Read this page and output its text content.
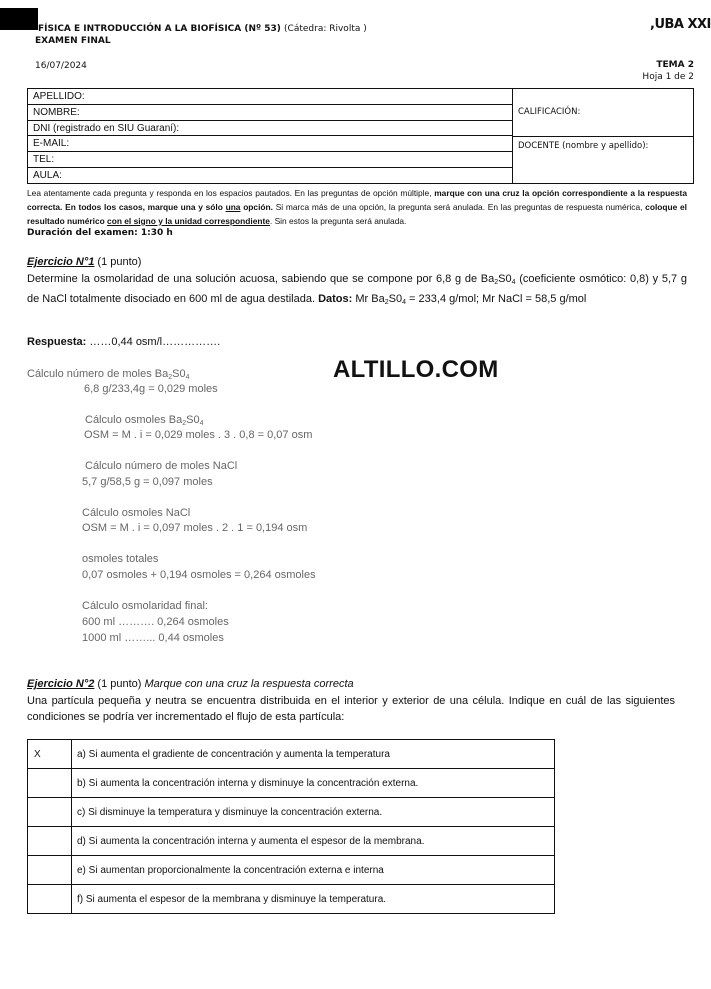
FÍSICA E INTRODUCCIÓN A LA BIOFÍSICA (Nº 53) (Cátedra: Rivolta )
EXAMEN FINAL
,UBA XXI
16/07/2024	TEMA 2
Hoja 1 de 2
APELLIDO:
NOMBRE:
DNI (registrado en SIU Guaraní):
E-MAIL:
TEL:
AULA:
CALIFICACIÓN:
DOCENTE (nombre y apellido):
Lea atentamente cada pregunta y responda en los espacios pautados. En las preguntas de opción múltiple, marque con una cruz la opción correspondiente a la respuesta correcta. En todos los casos, marque una y sólo una opción. Si marca más de una opción, la pregunta será anulada. En las preguntas de respuesta numérica, coloque el resultado numérico con el signo y la unidad correspondiente. Sin estos la pregunta será anulada.
Duración del examen: 1:30 h
Ejercicio N°1 (1 punto)
Determine la osmolaridad de una solución acuosa, sabiendo que se compone por 6,8 g de $Ba_2S0_4$ (coeficiente osmótico: 0,8) y 5,7 g de NaCl totalmente disociado en 600 ml de agua destilada. Datos: Mr $Ba_2S0_4 = 233,4$ g/mol; Mr NaCl = 58,5 g/mol
Respuesta: ……0,44 osm/l…………….
ALTILLO.COM
Cálculo número de moles $Ba_2S0_4$
6,8 g/233,4g = 0,029 moles
Cálculo osmoles $Ba_2S0_4$
OSM = M . i = 0,029 moles . 3 . 0,8 = 0,07 osm
Cálculo número de moles NaCl
5,7 g/58,5 g = 0,097 moles
Cálculo osmoles NaCl
OSM = M . i = 0,097 moles . 2 . 1 = 0,194 osm
osmoles totales
0,07 osmoles + 0,194 osmoles = 0,264 osmoles
Cálculo osmolaridad final:
600 ml ………. 0,264 osmoles
1000 ml ……... 0,44 osmoles
Ejercicio N°2 (1 punto) Marque con una cruz la respuesta correcta
Una partícula pequeña y neutra se encuentra distribuida en el interior y exterior de una célula. Indique en cuál de las siguientes condiciones se podría ver incrementado el flujo de esta partícula:
X	a) Si aumenta el gradiente de concentración y aumenta la temperatura
	b) Si aumenta la concentración interna y disminuye la concentración externa.
	c) Si disminuye la temperatura y disminuye la concentración externa.
	d) Si aumenta la concentración interna y aumenta el espesor de la membrana.
	e) Si aumentan proporcionalmente la concentración externa e interna
	f) Si aumenta el espesor de la membrana y disminuye la temperatura.
